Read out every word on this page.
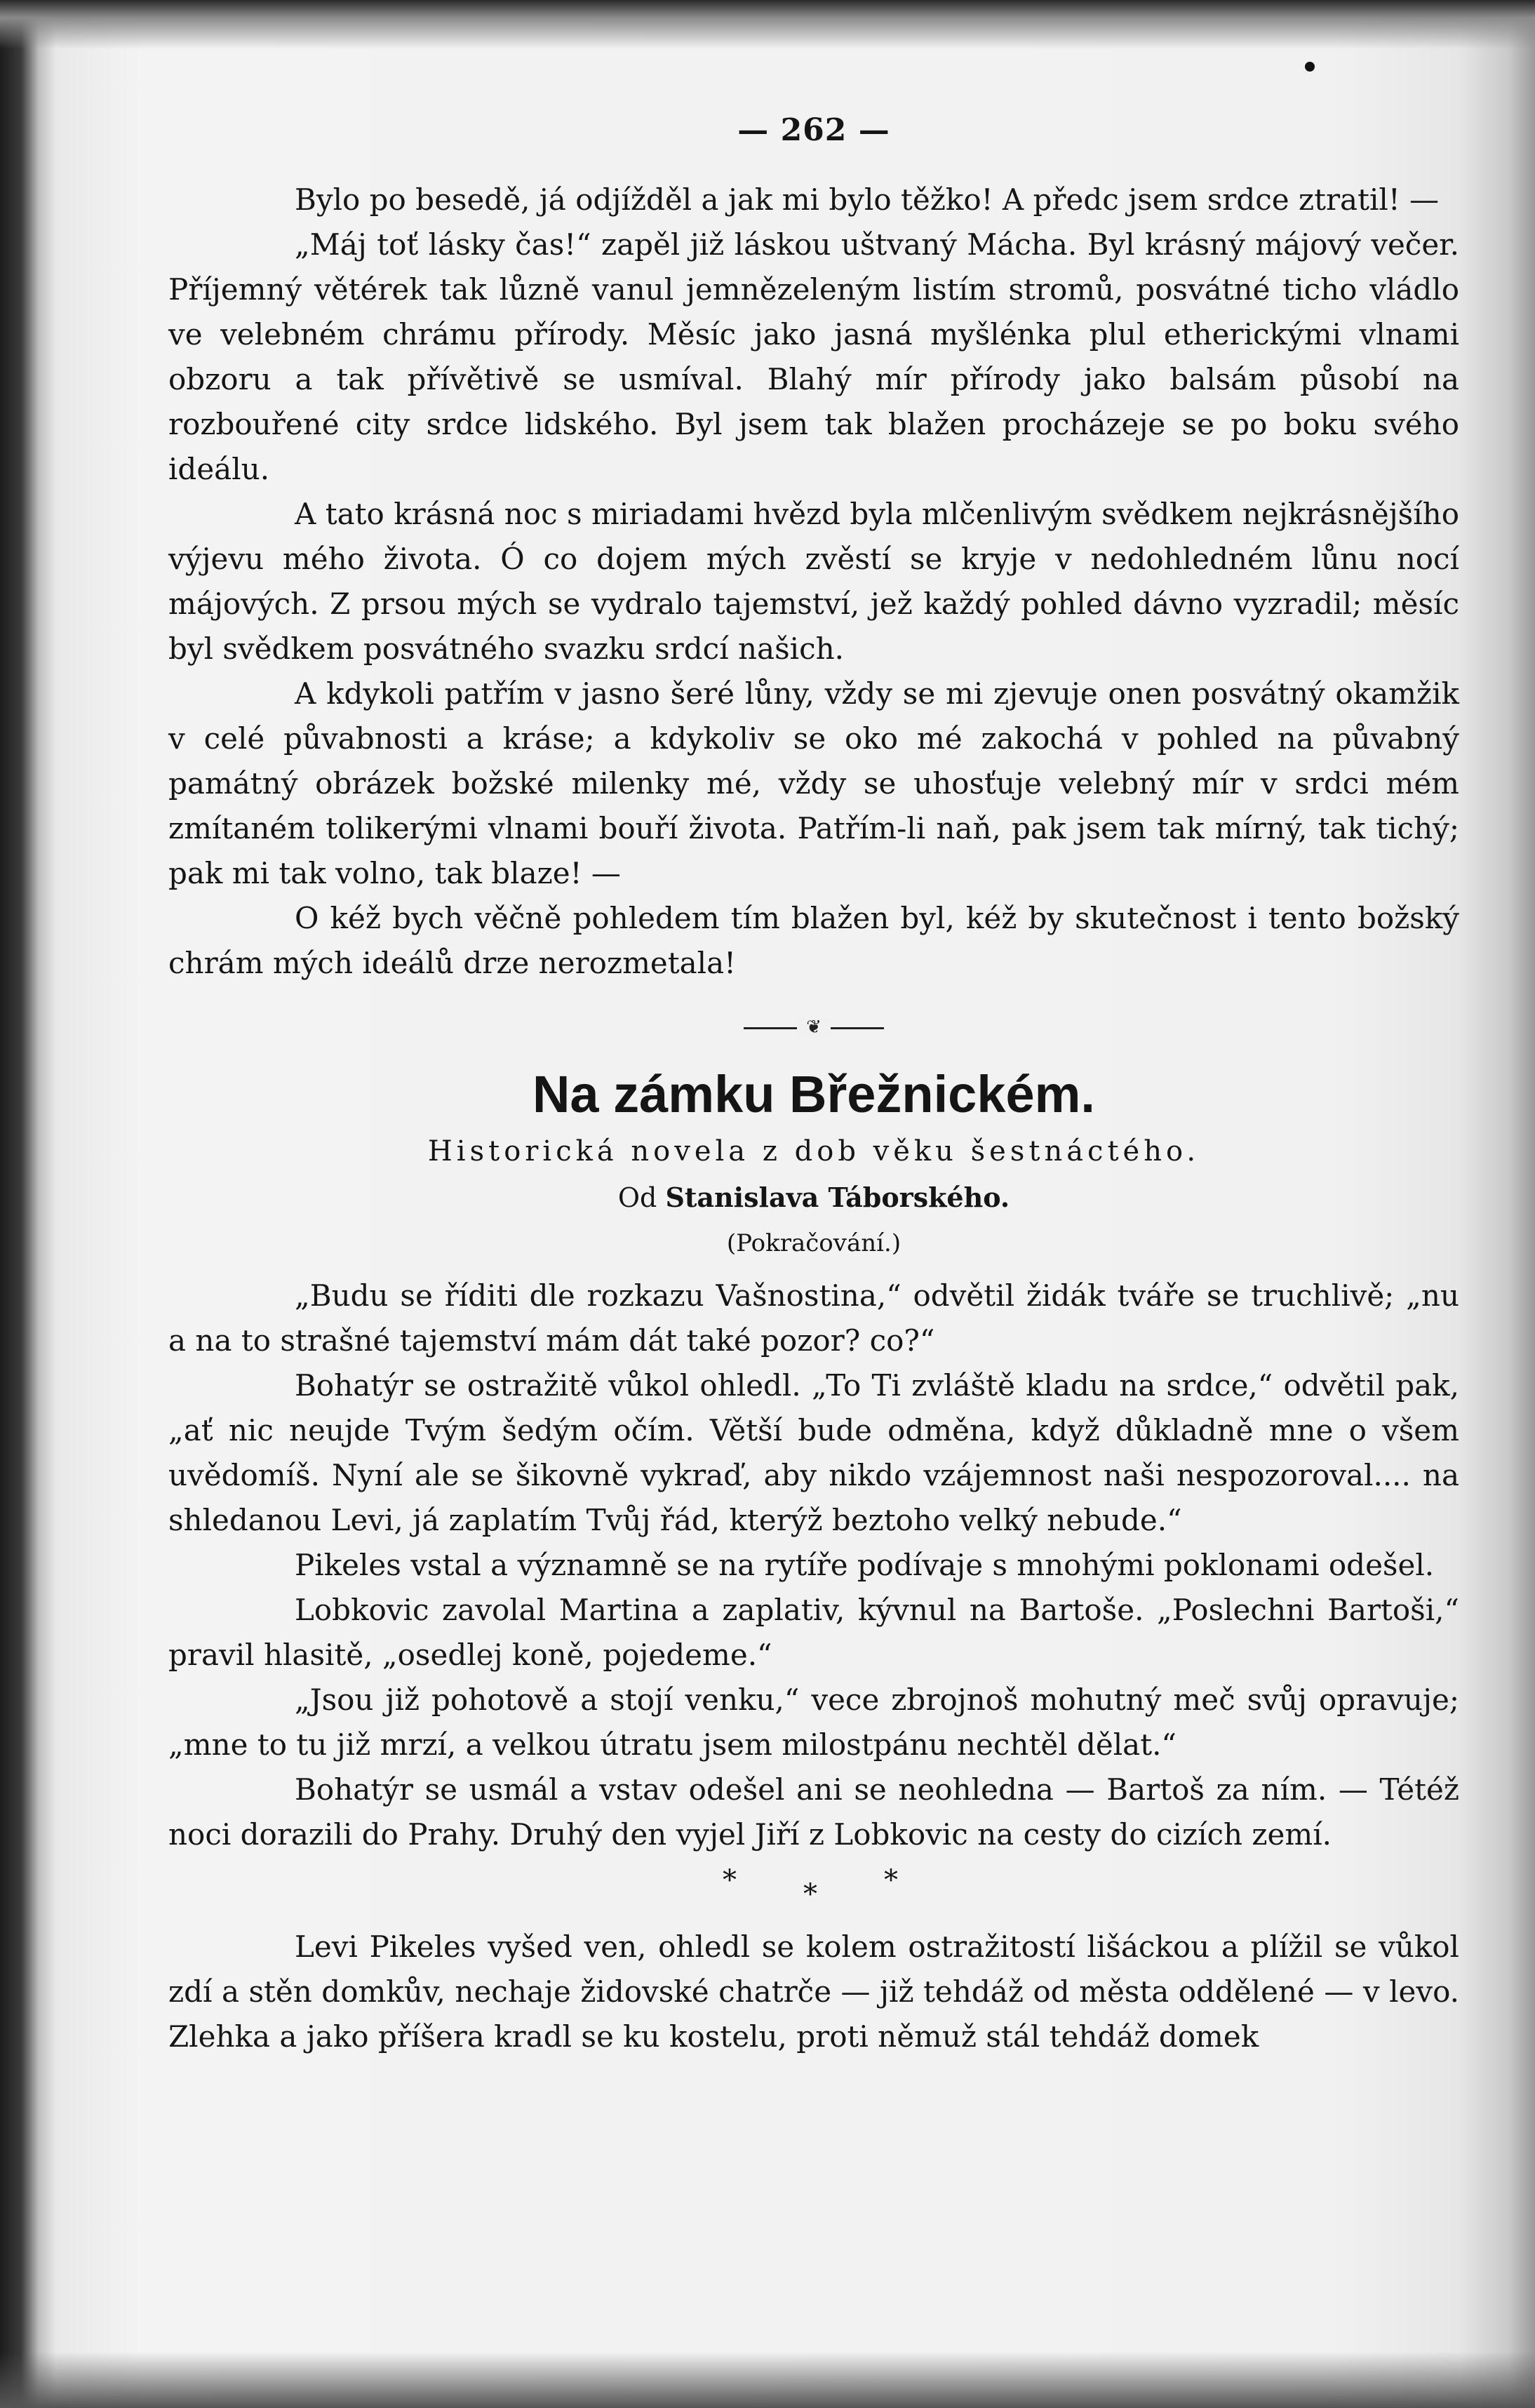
— 262 —

Bylo po besedě, já odjížděl a jak mi bylo těžko! A předc jsem srdce ztratil! —

„Máj toť lásky čas!“ zapěl již láskou uštvaný Mácha. Byl krásný májový večer. Příjemný větérek tak lůzně vanul jemnězeleným listím stromů, posvátné ticho vládlo ve velebném chrámu přírody. Měsíc jako jasná myšlénka plul etherickými vlnami obzoru a tak přívětivě se usmíval. Blahý mír přírody jako balsám působí na rozbouřené city srdce lidského. Byl jsem tak blažen procházeje se po boku svého ideálu.

A tato krásná noc s miriadami hvězd byla mlčenlivým svědkem nejkrásnějšího výjevu mého života. Ó co dojem mých zvěstí se kryje v nedohledném lůnu nocí májových. Z prsou mých se vydralo tajemství, jež každý pohled dávno vyzradil; měsíc byl svědkem posvátného svazku srdcí našich.

A kdykoli patřím v jasno šeré lůny, vždy se mi zjevuje onen posvátný okamžik v celé půvabnosti a kráse; a kdykoliv se oko mé zakochá v pohled na půvabný památný obrázek božské milenky mé, vždy se uhosťuje velebný mír v srdci mém zmítaném tolikerými vlnami bouří života. Patřím-li naň, pak jsem tak mírný, tak tichý; pak mi tak volno, tak blaze! —

O kéž bych věčně pohledem tím blažen byl, kéž by skutečnost i tento božský chrám mých ideálů drze nerozmetala!

❦
Na zámku Břežnickém.
Historická novela z dob věku šestnáctého.
Od Stanislava Táborského.
(Pokračování.)

„Budu se říditi dle rozkazu Vašnostina,“ odvětil židák tváře se truchlivě; „nu a na to strašné tajemství mám dát také pozor? co?“

Bohatýr se ostražitě vůkol ohledl. „To Ti zvláště kladu na srdce,“ odvětil pak, „ať nic neujde Tvým šedým očím. Větší bude odměna, když důkladně mne o všem uvědomíš. Nyní ale se šikovně vykraď, aby nikdo vzájemnost naši nespozoroval.... na shledanou Levi, já zaplatím Tvůj řád, kterýž beztoho velký nebude.“

Pikeles vstal a významně se na rytíře podívaje s mnohými poklonami odešel.

Lobkovic zavolal Martina a zaplativ, kývnul na Bartoše. „Poslechni Bartoši,“ pravil hlasitě, „osedlej koně, pojedeme.“

„Jsou již pohotově a stojí venku,“ vece zbrojnoš mohutný meč svůj opravuje; „mne to tu již mrzí, a velkou útratu jsem milostpánu nechtěl dělat.“

Bohatýr se usmál a vstav odešel ani se neohledna — Bartoš za ním. — Tétéž noci dorazili do Prahy. Druhý den vyjel Jiří z Lobkovic na cesty do cizích zemí.

* * *

Levi Pikeles vyšed ven, ohledl se kolem ostražitostí lišáckou a plížil se vůkol zdí a stěn domkův, nechaje židovské chatrče — již tehdáž od města oddělené — v levo. Zlehka a jako příšera kradl se ku kostelu, proti němuž stál tehdáž domek
